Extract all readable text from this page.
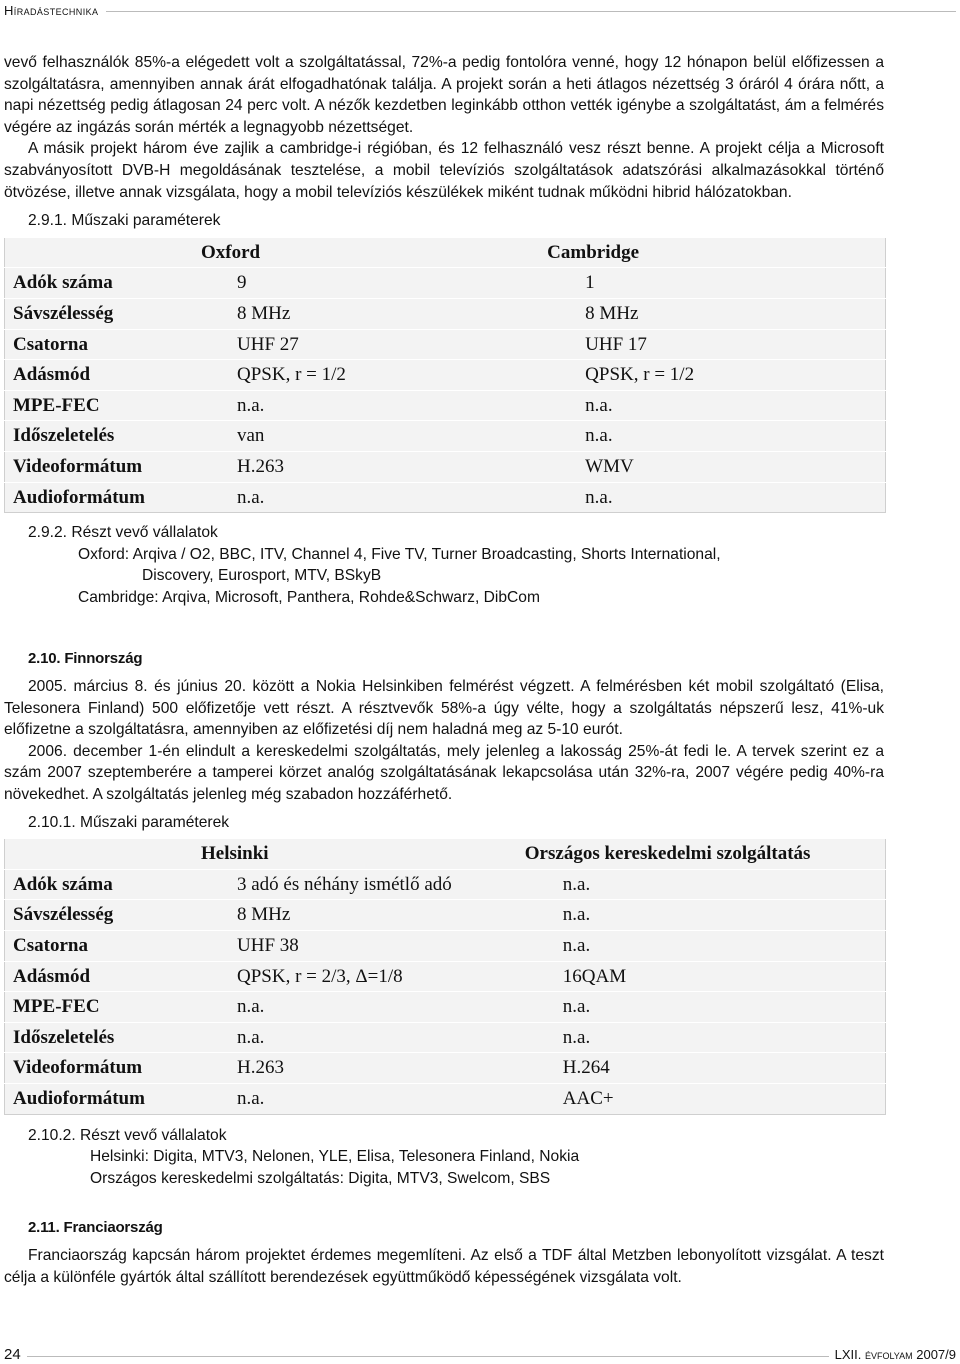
Híradástechnika

vevő felhasználók 85%-a elégedett volt a szolgáltatással, 72%-a pedig fontolóra venné, hogy 12 hónapon belül előfizessen a szolgáltatásra, amennyiben annak árát elfogadhatónak találja. A projekt során a heti átlagos nézettség 3 óráról 4 órára nőtt, a napi nézettség pedig átlagosan 24 perc volt. A nézők kezdetben leginkább otthon vették igénybe a szolgáltatást, ám a felmérés végére az ingázás során mérték a legnagyobb nézettséget.

A másik projekt három éve zajlik a cambridge-i régióban, és 12 felhasználó vesz részt benne. A projekt célja a Microsoft szabványosított DVB-H megoldásának tesztelése, a mobil televíziós szolgáltatások adatszórási alkalmazásokkal történő ötvözése, illetve annak vizsgálata, hogy a mobil televíziós készülékek miként tudnak működni hibrid hálózatokban.

2.9.1. Műszaki paraméterek
	Oxford	Cambridge
Adók száma	9	1
Sávszélesség	8 MHz	8 MHz
Csatorna	UHF 27	UHF 17
Adásmód	QPSK, r = 1/2	QPSK, r = 1/2
MPE-FEC	n.a.	n.a.
Időszeletelés	van	n.a.
Videoformátum	H.263	WMV
Audioformátum	n.a.	n.a.
2.9.2. Részt vevő vállalatok
Oxford: Arqiva / O2, BBC, ITV, Channel 4, Five TV, Turner Broadcasting, Shorts International,
Discovery, Eurosport, MTV, BSkyB
Cambridge: Arqiva, Microsoft, Panthera, Rohde&Schwarz, DibCom
2.10. Finnország

2005. március 8. és június 20. között a Nokia Helsinkiben felmérést végzett. A felmérésben két mobil szolgáltató (Elisa, Telesonera Finland) 500 előfizetője vett részt. A résztvevők 58%-a úgy vélte, hogy a szolgáltatás népszerű lesz, 41%-uk előfizetne a szolgáltatásra, amennyiben az előfizetési díj nem haladná meg az 5-10 eurót.

2006. december 1-én elindult a kereskedelmi szolgáltatás, mely jelenleg a lakosság 25%-át fedi le. A tervek szerint ez a szám 2007 szeptemberére a tamperei körzet analóg szolgáltatásának lekapcsolása után 32%-ra, 2007 végére pedig 40%-ra növekedhet. A szolgáltatás jelenleg még szabadon hozzáférhető.

2.10.1. Műszaki paraméterek
	Helsinki	Országos kereskedelmi szolgáltatás
Adók száma	3 adó és néhány ismétlő adó	n.a.
Sávszélesség	8 MHz	n.a.
Csatorna	UHF 38	n.a.
Adásmód	QPSK, r = 2/3, Δ=1/8	16QAM
MPE-FEC	n.a.	n.a.
Időszeletelés	n.a.	n.a.
Videoformátum	H.263	H.264
Audioformátum	n.a.	AAC+
2.10.2. Részt vevő vállalatok
Helsinki: Digita, MTV3, Nelonen, YLE, Elisa, Telesonera Finland, Nokia
Országos kereskedelmi szolgáltatás: Digita, MTV3, Swelcom, SBS
2.11. Franciaország

Franciaország kapcsán három projektet érdemes megemlíteni. Az első a TDF által Metzben lebonyolított vizsgálat. A teszt célja a különféle gyártók által szállított berendezések együttműködő képességének vizsgálata volt.

24	LXII. évfolyam 2007/9
